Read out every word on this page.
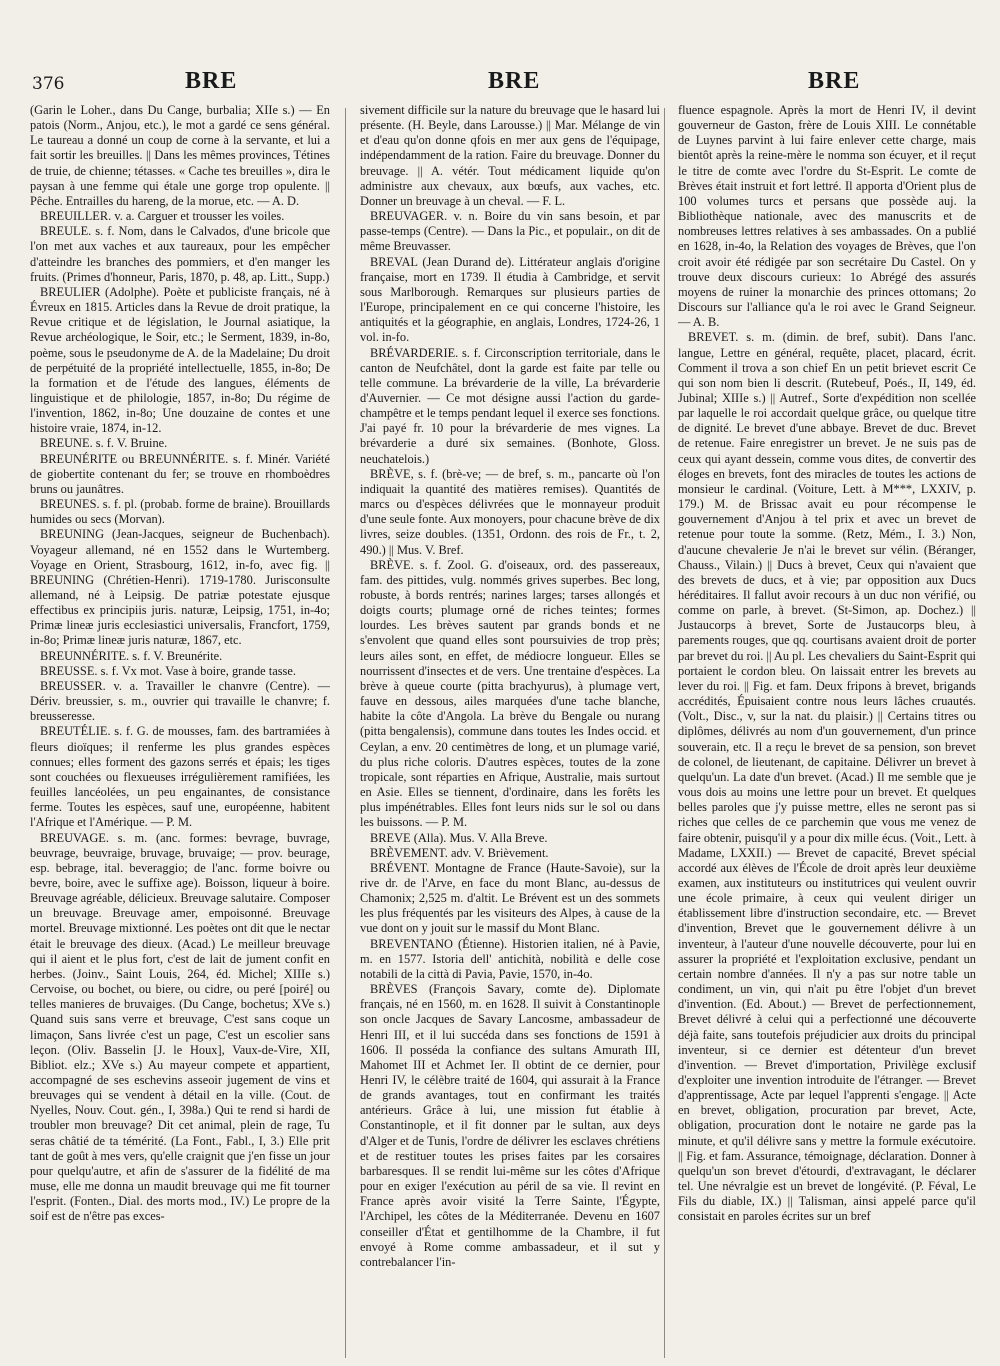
376	BRE	BRE	BRE

(Garin le Loher., dans Du Cange, burbalia; XIIe s.) — En patois (Norm., Anjou, etc.), le mot a gardé ce sens général. Le taureau a donné un coup de corne à la servante, et lui a fait sortir les breuilles. || Dans les mêmes provinces, Tétines de truie, de chienne; tétasses. « Cache tes breuilles », dira le paysan à une femme qui étale une gorge trop opulente. || Pêche. Entrailles du hareng, de la morue, etc. — A. D.

BREUILLER. v. a. Carguer et trousser les voiles.

BREULE. s. f. Nom, dans le Calvados, d'une bricole que l'on met aux vaches et aux taureaux, pour les empêcher d'atteindre les branches des pommiers, et d'en manger les fruits. (Primes d'honneur, Paris, 1870, p. 48, ap. Litt., Supp.)

BREULIER (Adolphe). Poète et publiciste français, né à Évreux en 1815. Articles dans la Revue de droit pratique, la Revue critique et de législation, le Journal asiatique, la Revue archéologique, le Soir, etc.; le Serment, 1839, in-8o, poème, sous le pseudonyme de A. de la Madelaine; Du droit de perpétuité de la propriété intellectuelle, 1855, in-8o; De la formation et de l'étude des langues, éléments de linguistique et de philologie, 1857, in-8o; Du régime de l'invention, 1862, in-8o; Une douzaine de contes et une histoire vraie, 1874, in-12.

BREUNE. s. f. V. Bruine.

BREUNÉRITE ou BREUNNÉRITE. s. f. Minér. Variété de giobertite contenant du fer; se trouve en rhomboèdres bruns ou jaunâtres.

BREUNES. s. f. pl. (probab. forme de braine). Brouillards humides ou secs (Morvan).

BREUNING (Jean-Jacques, seigneur de Buchenbach). Voyageur allemand, né en 1552 dans le Wurtemberg. Voyage en Orient, Strasbourg, 1612, in-fo, avec fig. || BREUNING (Chrétien-Henri). 1719-1780. Jurisconsulte allemand, né à Leipsig. De patriæ potestate ejusque effectibus ex principiis juris. naturæ, Leipsig, 1751, in-4o; Primæ lineæ juris ecclesiastici universalis, Francfort, 1759, in-8o; Primæ lineæ juris naturæ, 1867, etc.

BREUNNÉRITE. s. f. V. Breunérite.

BREUSSE. s. f. Vx mot. Vase à boire, grande tasse.

BREUSSER. v. a. Travailler le chanvre (Centre). — Dériv. breussier, s. m., ouvrier qui travaille le chanvre; f. breusseresse.

BREUTÉLIE. s. f. G. de mousses, fam. des bartramiées à fleurs dioïques; il renferme les plus grandes espèces connues; elles forment des gazons serrés et épais; les tiges sont couchées ou flexueuses irrégulièrement ramifiées, les feuilles lancéolées, un peu engainantes, de consistance ferme. Toutes les espèces, sauf une, européenne, habitent l'Afrique et l'Amérique. — P. M.

BREUVAGE. s. m. (anc. formes: bevrage, buvrage, beuvrage, beuvraige, bruvage, bruvaige; — prov. beurage, esp. bebrage, ital. beveraggio; de l'anc. forme boivre ou bevre, boire, avec le suffixe age). Boisson, liqueur à boire. Breuvage agréable, délicieux. Breuvage salutaire. Composer un breuvage. Breuvage amer, empoisonné. Breuvage mortel. Breuvage mixtionné. Les poètes ont dit que le nectar était le breuvage des dieux. (Acad.) Le meilleur breuvage qui il aient et le plus fort, c'est de lait de jument confit en herbes. (Joinv., Saint Louis, 264, éd. Michel; XIIIe s.) Cervoise, ou bochet, ou biere, ou cidre, ou peré [poiré] ou telles manieres de bruvaiges. (Du Cange, bochetus; XVe s.) Quand suis sans verre et breuvage, C'est sans coque un limaçon, Sans livrée c'est un page, C'est un escolier sans leçon. (Oliv. Basselin [J. le Houx], Vaux-de-Vire, XII, Bibliot. elz.; XVe s.) Au mayeur compete et appartient, accompagné de ses eschevins asseoir jugement de vins et breuvages qui se vendent à détail en la ville. (Cout. de Nyelles, Nouv. Cout. gén., I, 398a.) Qui te rend si hardi de troubler mon breuvage? Dit cet animal, plein de rage, Tu seras châtié de ta témérité. (La Font., Fabl., I, 3.) Elle prit tant de goût à mes vers, qu'elle craignit que j'en fisse un jour pour quelqu'autre, et afin de s'assurer de la fidélité de ma muse, elle me donna un maudit breuvage qui me fit tourner l'esprit. (Fonten., Dial. des morts mod., IV.) Le propre de la soif est de n'être pas exces-

sivement difficile sur la nature du breuvage que le hasard lui présente. (H. Beyle, dans Larousse.) || Mar. Mélange de vin et d'eau qu'on donne qfois en mer aux gens de l'équipage, indépendamment de la ration. Faire du breuvage. Donner du breuvage. || A. vétér. Tout médicament liquide qu'on administre aux chevaux, aux bœufs, aux vaches, etc. Donner un breuvage à un cheval. — F. L.

BREUVAGER. v. n. Boire du vin sans besoin, et par passe-temps (Centre). — Dans la Pic., et populair., on dit de même Breuvasser.

BREVAL (Jean Durand de). Littérateur anglais d'origine française, mort en 1739. Il étudia à Cambridge, et servit sous Marlborough. Remarques sur plusieurs parties de l'Europe, principalement en ce qui concerne l'histoire, les antiquités et la géographie, en anglais, Londres, 1724-26, 1 vol. in-fo.

BRÉVARDERIE. s. f. Circonscription territoriale, dans le canton de Neufchâtel, dont la garde est faite par telle ou telle commune. La brévarderie de la ville, La brévarderie d'Auvernier. — Ce mot désigne aussi l'action du garde-champêtre et le temps pendant lequel il exerce ses fonctions. J'ai payé fr. 10 pour la brévarderie de mes vignes. La brévarderie a duré six semaines. (Bonhote, Gloss. neuchatelois.)

BRÈVE, s. f. (brè-ve; — de bref, s. m., pancarte où l'on indiquait la quantité des matières remises). Quantités de marcs ou d'espèces délivrées que le monnayeur produit d'une seule fonte. Aux monoyers, pour chacune brève de dix livres, seize doubles. (1351, Ordonn. des rois de Fr., t. 2, 490.) || Mus. V. Bref.

BRÈVE. s. f. Zool. G. d'oiseaux, ord. des passereaux, fam. des pittides, vulg. nommés grives superbes. Bec long, robuste, à bords rentrés; narines larges; tarses allongés et doigts courts; plumage orné de riches teintes; formes lourdes. Les brèves sautent par grands bonds et ne s'envolent que quand elles sont poursuivies de trop près; leurs ailes sont, en effet, de médiocre longueur. Elles se nourrissent d'insectes et de vers. Une trentaine d'espèces. La brève à queue courte (pitta brachyurus), à plumage vert, fauve en dessous, ailes marquées d'une tache blanche, habite la côte d'Angola. La brève du Bengale ou nurang (pitta bengalensis), commune dans toutes les Indes occid. et Ceylan, a env. 20 centimètres de long, et un plumage varié, du plus riche coloris. D'autres espèces, toutes de la zone tropicale, sont réparties en Afrique, Australie, mais surtout en Asie. Elles se tiennent, d'ordinaire, dans les forêts les plus impénétrables. Elles font leurs nids sur le sol ou dans les buissons. — P. M.

BREVE (Alla). Mus. V. Alla Breve.

BRÈVEMENT. adv. V. Brièvement.

BRÉVENT. Montagne de France (Haute-Savoie), sur la rive dr. de l'Arve, en face du mont Blanc, au-dessus de Chamonix; 2,525 m. d'altit. Le Brévent est un des sommets les plus fréquentés par les visiteurs des Alpes, à cause de la vue dont on y jouit sur le massif du Mont Blanc.

BREVENTANO (Étienne). Historien italien, né à Pavie, m. en 1577. Istoria dell' antichità, nobilità e delle cose notabili de la città di Pavia, Pavie, 1570, in-4o.

BRÈVES (François Savary, comte de). Diplomate français, né en 1560, m. en 1628. Il suivit à Constantinople son oncle Jacques de Savary Lancosme, ambassadeur de Henri III, et il lui succéda dans ses fonctions de 1591 à 1606. Il posséda la confiance des sultans Amurath III, Mahomet III et Achmet Ier. Il obtint de ce dernier, pour Henri IV, le célèbre traité de 1604, qui assurait à la France de grands avantages, tout en confirmant les traités antérieurs. Grâce à lui, une mission fut établie à Constantinople, et il fit donner par le sultan, aux deys d'Alger et de Tunis, l'ordre de délivrer les esclaves chrétiens et de restituer toutes les prises faites par les corsaires barbaresques. Il se rendit lui-même sur les côtes d'Afrique pour en exiger l'exécution au péril de sa vie. Il revint en France après avoir visité la Terre Sainte, l'Égypte, l'Archipel, les côtes de la Méditerranée. Devenu en 1607 conseiller d'État et gentilhomme de la Chambre, il fut envoyé à Rome comme ambassadeur, et il sut y contrebalancer l'in-

fluence espagnole. Après la mort de Henri IV, il devint gouverneur de Gaston, frère de Louis XIII. Le connétable de Luynes parvint à lui faire enlever cette charge, mais bientôt après la reine-mère le nomma son écuyer, et il reçut le titre de comte avec l'ordre du St-Esprit. Le comte de Brèves était instruit et fort lettré. Il apporta d'Orient plus de 100 volumes turcs et persans que possède auj. la Bibliothèque nationale, avec des manuscrits et de nombreuses lettres relatives à ses ambassades. On a publié en 1628, in-4o, la Relation des voyages de Brèves, que l'on croit avoir été rédigée par son secrétaire Du Castel. On y trouve deux discours curieux: 1o Abrégé des assurés moyens de ruiner la monarchie des princes ottomans; 2o Discours sur l'alliance qu'a le roi avec le Grand Seigneur. — A. B.

BREVET. s. m. (dimin. de bref, subit). Dans l'anc. langue, Lettre en général, requête, placet, placard, écrit. Comment il trova a son chief En un petit brievet escrit Ce qui son nom bien li descrit. (Rutebeuf, Poés., II, 149, éd. Jubinal; XIIIe s.) || Autref., Sorte d'expédition non scellée par laquelle le roi accordait quelque grâce, ou quelque titre de dignité. Le brevet d'une abbaye. Brevet de duc. Brevet de retenue. Faire enregistrer un brevet. Je ne suis pas de ceux qui ayant dessein, comme vous dites, de convertir des éloges en brevets, font des miracles de toutes les actions de monsieur le cardinal. (Voiture, Lett. à M***, LXXIV, p. 179.) M. de Brissac avait eu pour récompense le gouvernement d'Anjou à tel prix et avec un brevet de retenue pour toute la somme. (Retz, Mém., I. 3.) Non, d'aucune chevalerie Je n'ai le brevet sur vélin. (Béranger, Chauss., Vilain.) || Ducs à brevet, Ceux qui n'avaient que des brevets de ducs, et à vie; par opposition aux Ducs héréditaires. Il fallut avoir recours à un duc non vérifié, ou comme on parle, à brevet. (St-Simon, ap. Dochez.) || Justaucorps à brevet, Sorte de Justaucorps bleu, à parements rouges, que qq. courtisans avaient droit de porter par brevet du roi. || Au pl. Les chevaliers du Saint-Esprit qui portaient le cordon bleu. On laissait entrer les brevets au lever du roi. || Fig. et fam. Deux fripons à brevet, brigands accrédités, Épuisaient contre nous leurs lâches cruautés. (Volt., Disc., v, sur la nat. du plaisir.) || Certains titres ou diplômes, délivrés au nom d'un gouvernement, d'un prince souverain, etc. Il a reçu le brevet de sa pension, son brevet de colonel, de lieutenant, de capitaine. Délivrer un brevet à quelqu'un. La date d'un brevet. (Acad.) Il me semble que je vous dois au moins une lettre pour un brevet. Et quelques belles paroles que j'y puisse mettre, elles ne seront pas si riches que celles de ce parchemin que vous me venez de faire obtenir, puisqu'il y a pour dix mille écus. (Voit., Lett. à Madame, LXXII.) — Brevet de capacité, Brevet spécial accordé aux élèves de l'École de droit après leur deuxième examen, aux instituteurs ou institutrices qui veulent ouvrir une école primaire, à ceux qui veulent diriger un établissement libre d'instruction secondaire, etc. — Brevet d'invention, Brevet que le gouvernement délivre à un inventeur, à l'auteur d'une nouvelle découverte, pour lui en assurer la propriété et l'exploitation exclusive, pendant un certain nombre d'années. Il n'y a pas sur notre table un condiment, un vin, qui n'ait pu être l'objet d'un brevet d'invention. (Ed. About.) — Brevet de perfectionnement, Brevet délivré à celui qui a perfectionné une découverte déjà faite, sans toutefois préjudicier aux droits du principal inventeur, si ce dernier est détenteur d'un brevet d'invention. — Brevet d'importation, Privilège exclusif d'exploiter une invention introduite de l'étranger. — Brevet d'apprentissage, Acte par lequel l'apprenti s'engage. || Acte en brevet, obligation, procuration par brevet, Acte, obligation, procuration dont le notaire ne garde pas la minute, et qu'il délivre sans y mettre la formule exécutoire. || Fig. et fam. Assurance, témoignage, déclaration. Donner à quelqu'un son brevet d'étourdi, d'extravagant, le déclarer tel. Une névralgie est un brevet de longévité. (P. Féval, Le Fils du diable, IX.) || Talisman, ainsi appelé parce qu'il consistait en paroles écrites sur un bref
